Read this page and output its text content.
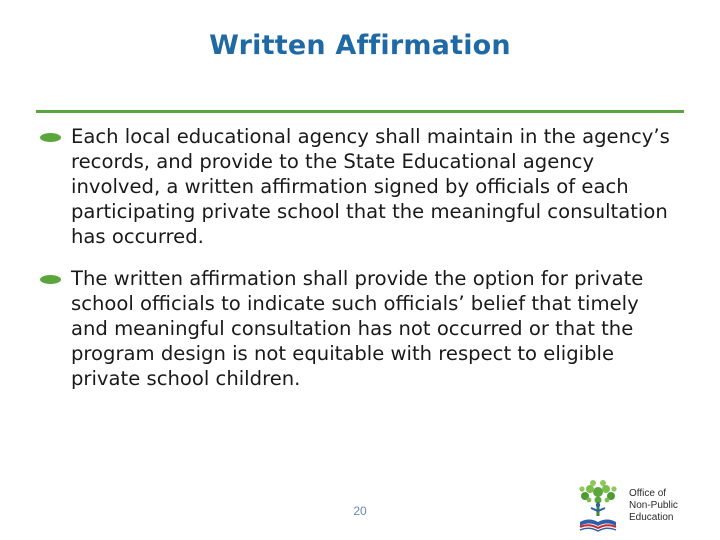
Written Affirmation
Each local educational agency shall maintain in the agency’s records, and provide to the State Educational agency involved, a written affirmation signed by officials of each participating private school that the meaningful consultation has occurred.
The written affirmation shall provide the option for private school officials to indicate such officials’ belief that timely and meaningful consultation has not occurred or that the program design is not equitable with respect to eligible private school children.
20
Office of
Non-Public
Education
